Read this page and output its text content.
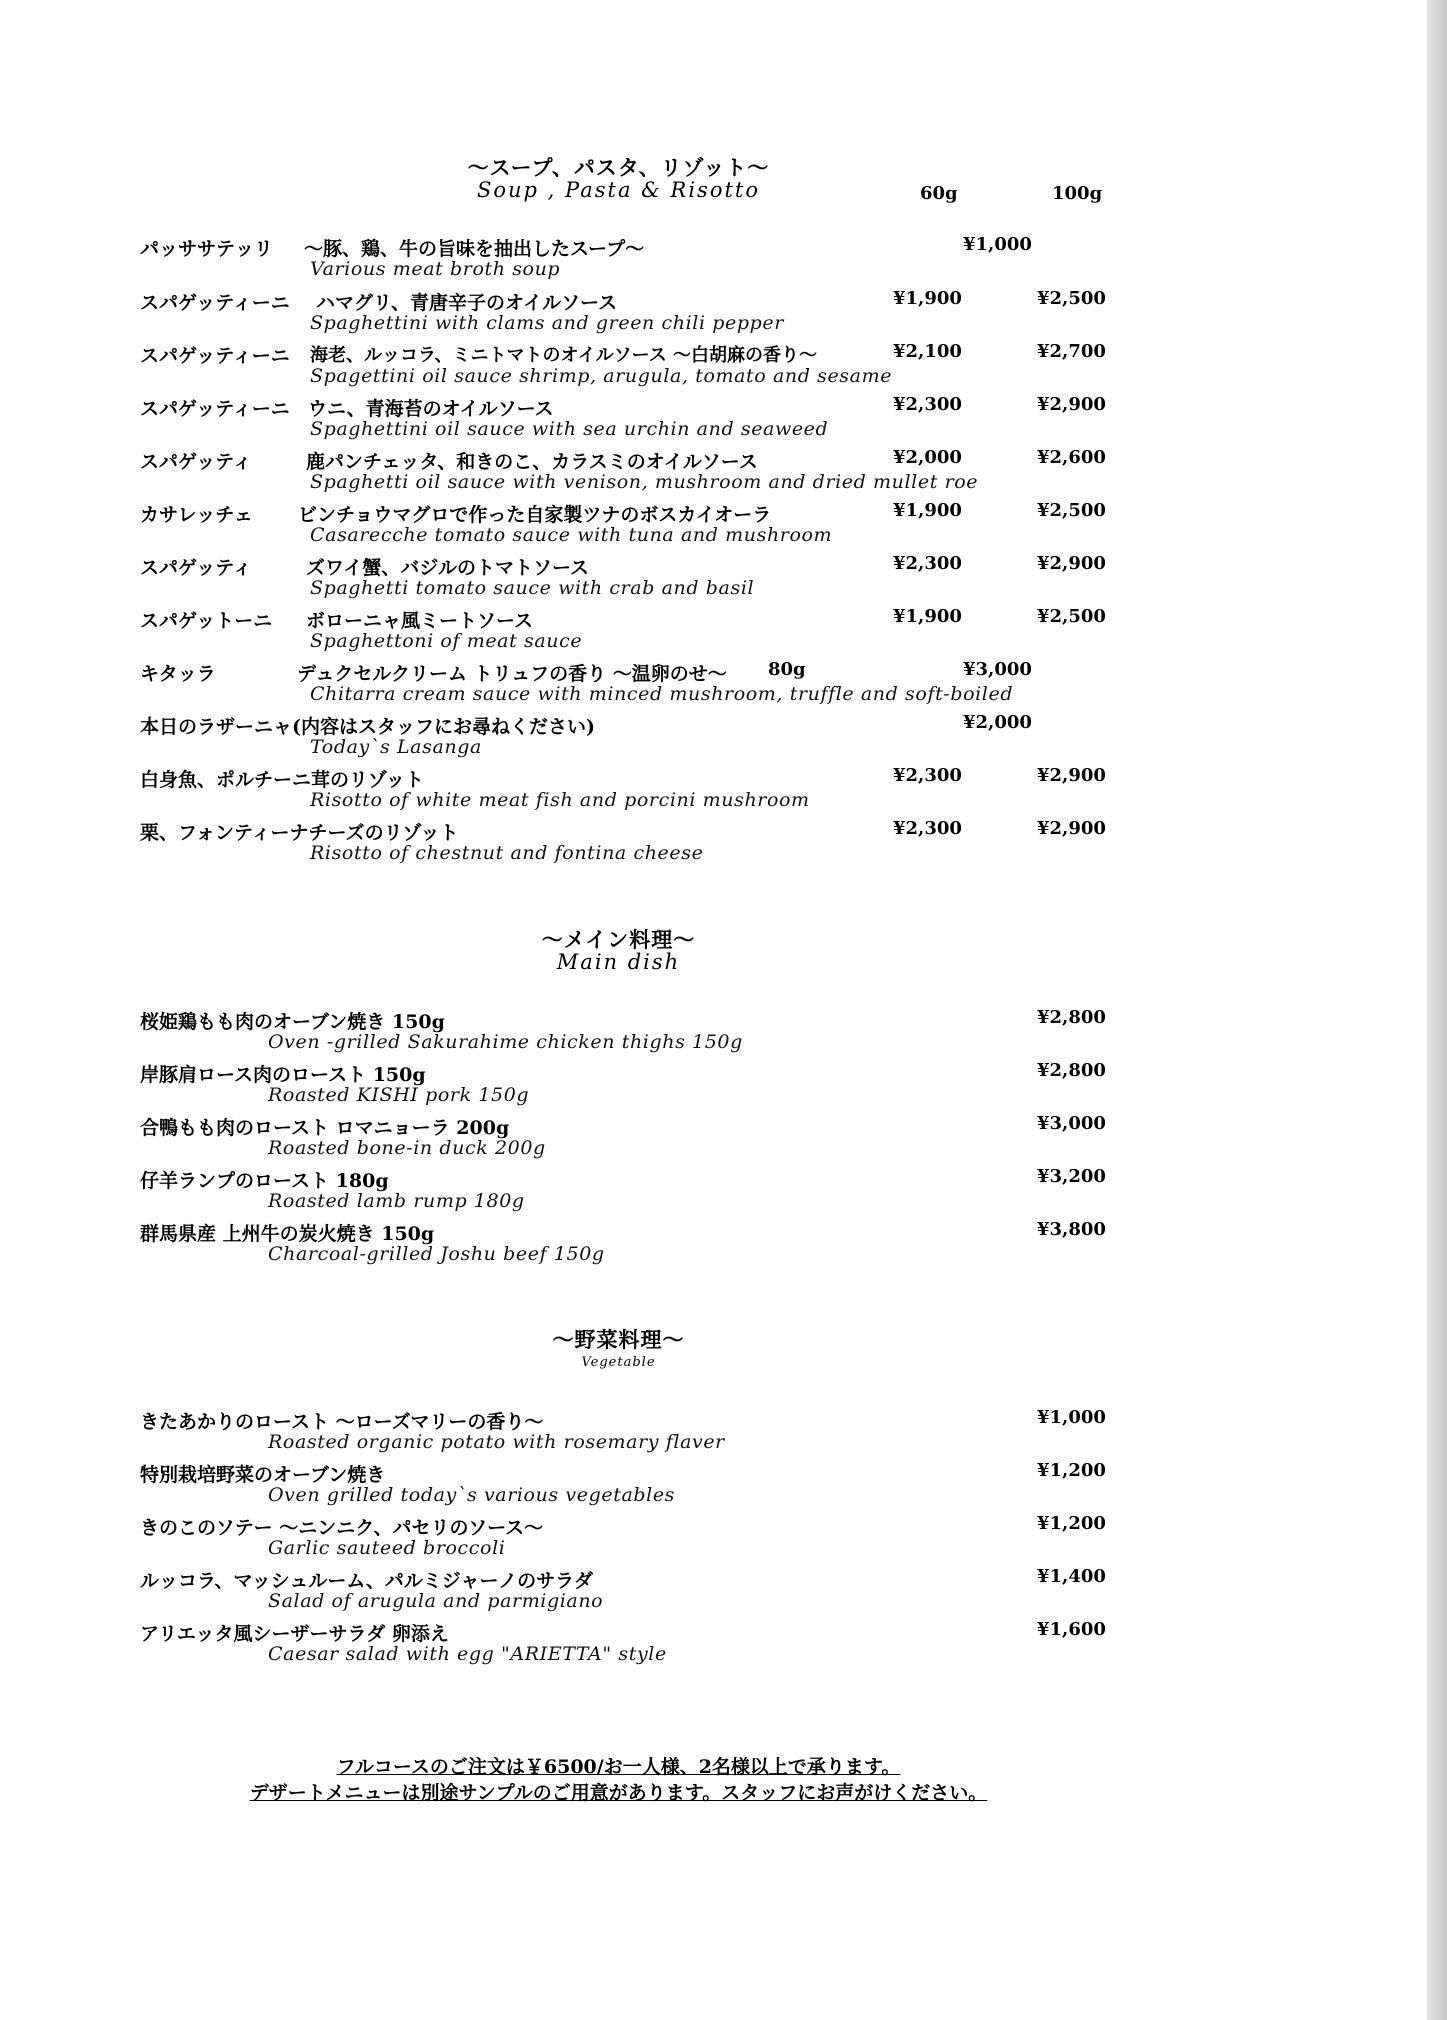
～スープ、パスタ、リゾット～
Soup , Pasta & Risotto	60g	100g
パッササテッリ ～豚、鶏、牛の旨味を抽出したスープ～	¥1,000
Various meat broth soup
スパゲッティーニ ハマグリ、青唐辛子のオイルソース	¥1,900	¥2,500
Spaghettini with clams and green chili pepper
スパゲッティーニ 海老、ルッコラ、ミニトマトのオイルソース ～白胡麻の香り～	¥2,100	¥2,700
Spagettini oil sauce shrimp, arugula, tomato and sesame
スパゲッティーニ ウニ、青海苔のオイルソース	¥2,300	¥2,900
Spaghettini oil sauce with sea urchin and seaweed
スパゲッティ	鹿パンチェッタ、和きのこ、カラスミのオイルソース	¥2,000	¥2,600
Spaghetti oil sauce with venison, mushroom and dried mullet roe
カサレッチェ ビンチョウマグロで作った自家製ツナのボスカイオーラ	¥1,900	¥2,500
Casarecche tomato sauce with tuna and mushroom
スパゲッティ	ズワイ蟹、バジルのトマトソース	¥2,300	¥2,900
Spaghetti tomato sauce with crab and basil
スパゲットーニ ボローニャ風ミートソース	¥1,900	¥2,500
Spaghettoni of meat sauce
キタッラ	デュクセルクリーム トリュフの香り ～温卵のせ～ 80g	¥3,000
Chitarra cream sauce with minced mushroom, truffle and soft-boiled
本日のラザーニャ(内容はスタッフにお尋ねください)	¥2,000
Today`s Lasanga
白身魚、ポルチーニ茸のリゾット	¥2,300	¥2,900
Risotto of white meat fish and porcini mushroom
栗、フォンティーナチーズのリゾット	¥2,300	¥2,900
Risotto of chestnut and fontina cheese
～メイン料理～
Main dish
桜姫鶏もも肉のオーブン焼き 150g	¥2,800
Oven -grilled Sakurahime chicken thighs 150g
岸豚肩ロース肉のロースト 150g	¥2,800
Roasted KISHI pork 150g
合鴨もも肉のロースト ロマニョーラ 200g	¥3,000
Roasted bone-in duck 200g
仔羊ランプのロースト 180g	¥3,200
Roasted lamb rump 180g
群馬県産 上州牛の炭火焼き 150g	¥3,800
Charcoal-grilled Joshu beef 150g
～野菜料理～
Vegetable
きたあかりのロースト ～ローズマリーの香り～	¥1,000
Roasted organic potato with rosemary flaver
特別栽培野菜のオーブン焼き	¥1,200
Oven grilled today`s various vegetables
きのこのソテー ～ニンニク、パセリのソース～	¥1,200
Garlic sauteed broccoli
ルッコラ、マッシュルーム、パルミジャーノのサラダ	¥1,400
Salad of arugula and parmigiano
アリエッタ風シーザーサラダ 卵添え	¥1,600
Caesar salad with egg "ARIETTA" style
フルコースのご注文は￥6500/お一人様、2名様以上で承ります。
デザートメニューは別途サンプルのご用意があります。スタッフにお声がけください。
